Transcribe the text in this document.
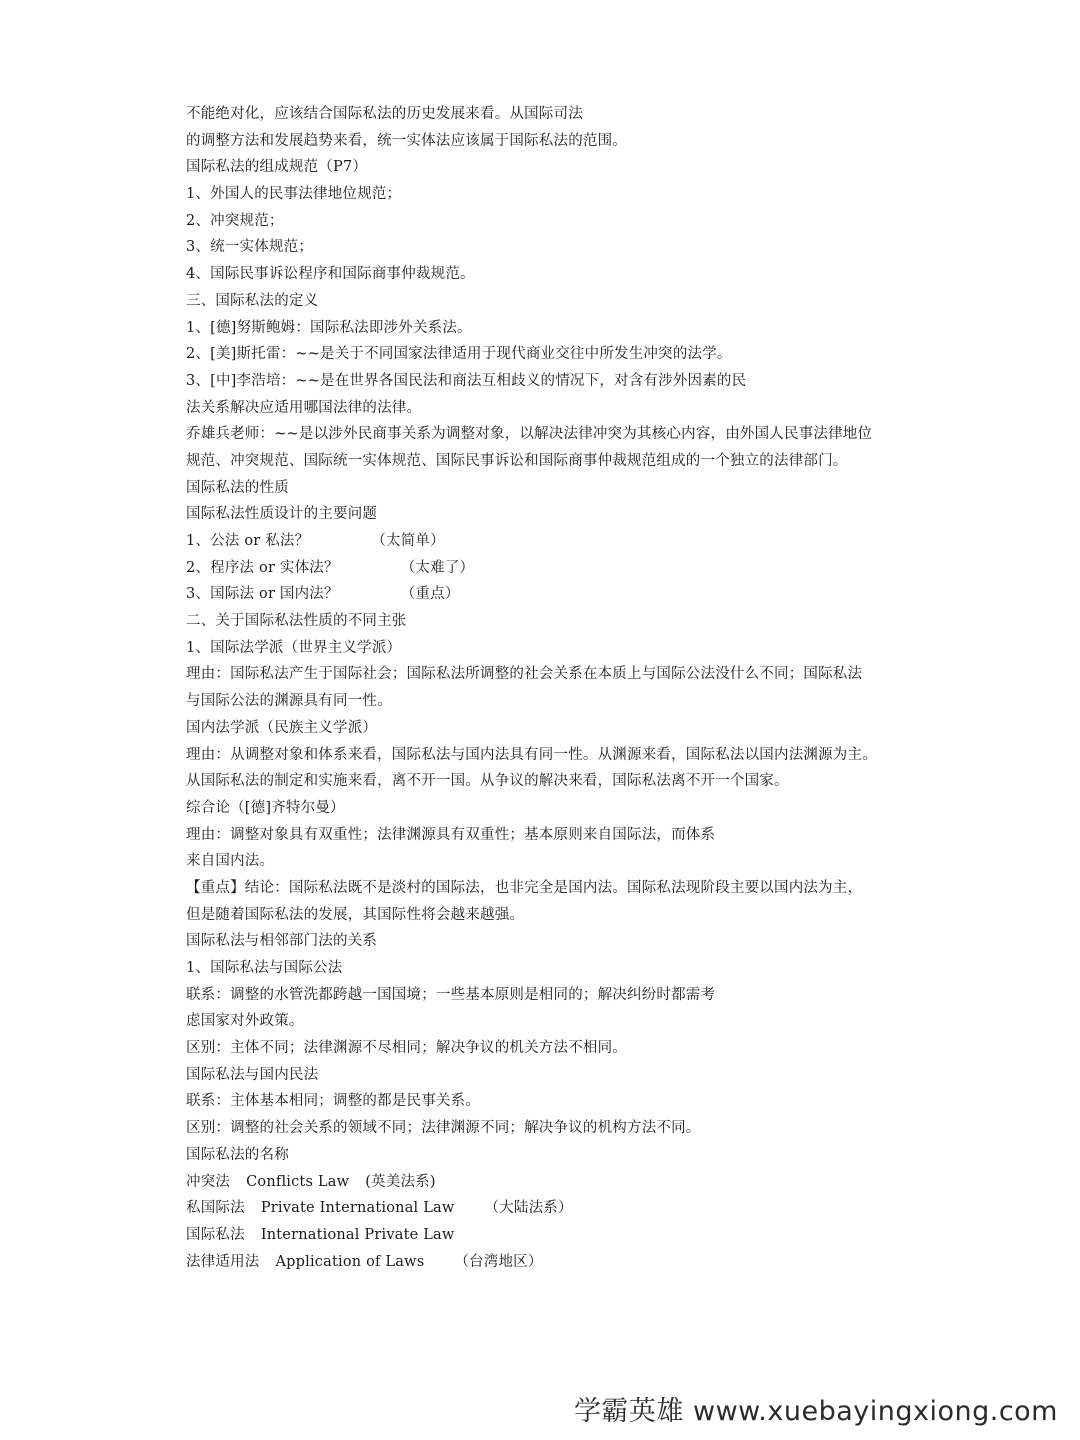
不能绝对化，应该结合国际私法的历史发展来看。从国际司法
的调整方法和发展趋势来看，统一实体法应该属于国际私法的范围。
国际私法的组成规范（P7）
1、外国人的民事法律地位规范；
2、冲突规范；
3、统一实体规范；
4、国际民事诉讼程序和国际商事仲裁规范。
三、国际私法的定义
1、[德]努斯鲍姆：国际私法即涉外关系法。
2、[美]斯托雷：~~是关于不同国家法律适用于现代商业交往中所发生冲突的法学。
3、[中]李浩培：~~是在世界各国民法和商法互相歧义的情况下，对含有涉外因素的民
法关系解决应适用哪国法律的法律。
乔雄兵老师：~~是以涉外民商事关系为调整对象，以解决法律冲突为其核心内容，由外国人民事法律地位
规范、冲突规范、国际统一实体规范、国际民事诉讼和国际商事仲裁规范组成的一个独立的法律部门。
国际私法的性质
国际私法性质设计的主要问题
1、公法 or 私法？	（太简单）
2、程序法 or 实体法？	（太难了）
3、国际法 or 国内法？	（重点）
二、关于国际私法性质的不同主张
1、国际法学派（世界主义学派）
理由：国际私法产生于国际社会；国际私法所调整的社会关系在本质上与国际公法没什么不同；国际私法
与国际公法的渊源具有同一性。
国内法学派（民族主义学派）
理由：从调整对象和体系来看，国际私法与国内法具有同一性。从渊源来看，国际私法以国内法渊源为主。
从国际私法的制定和实施来看，离不开一国。从争议的解决来看，国际私法离不开一个国家。
综合论（[德]齐特尔曼）
理由：调整对象具有双重性；法律渊源具有双重性；基本原则来自国际法，而体系
来自国内法。
【重点】结论：国际私法既不是淡村的国际法，也非完全是国内法。国际私法现阶段主要以国内法为主，
但是随着国际私法的发展，其国际性将会越来越强。
国际私法与相邻部门法的关系
1、国际私法与国际公法
联系：调整的水管洗都跨越一国国境；一些基本原则是相同的；解决纠纷时都需考
虑国家对外政策。
区别：主体不同；法律渊源不尽相同；解决争议的机关方法不相同。
国际私法与国内民法
联系：主体基本相同；调整的都是民事关系。
区别：调整的社会关系的领域不同；法律渊源不同；解决争议的机构方法不同。
国际私法的名称
冲突法 Conflicts Law (英美法系)
私国际法 Private International Law （大陆法系）
国际私法 International Private Law
法律适用法 Application of Laws （台湾地区）
学霸英雄 www.xuebayingxiong.com
